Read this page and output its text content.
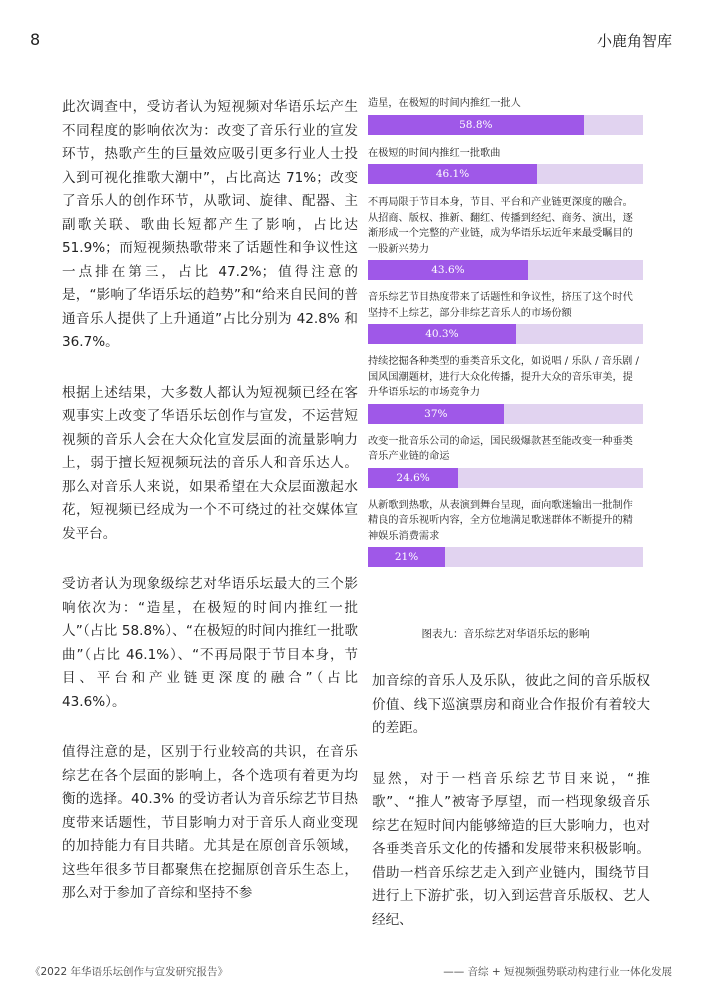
8	小鹿角智库

此次调查中，受访者认为短视频对华语乐坛产生不同程度的影响依次为：改变了音乐行业的宣发环节，热歌产生的巨量效应吸引更多行业人士投入到可视化推歌大潮中”，占比高达 71%；改变了音乐人的创作环节，从歌词、旋律、配器、主副歌关联、歌曲长短都产生了影响，占比达 51.9%；而短视频热歌带来了话题性和争议性这一点排在第三，占比 47.2%；值得注意的是，“影响了华语乐坛的趋势”和“给来自民间的普通音乐人提供了上升通道”占比分别为 42.8% 和 36.7%。

根据上述结果，大多数人都认为短视频已经在客观事实上改变了华语乐坛创作与宣发，不运营短视频的音乐人会在大众化宣发层面的流量影响力上，弱于擅长短视频玩法的音乐人和音乐达人。那么对音乐人来说，如果希望在大众层面激起水花，短视频已经成为一个不可绕过的社交媒体宣发平台。

受访者认为现象级综艺对华语乐坛最大的三个影响依次为：“造星，在极短的时间内推红一批人”（占比 58.8%）、“在极短的时间内推红一批歌曲”（占比 46.1%）、“不再局限于节目本身，节目、平台和产业链更深度的融合”（占比 43.6%）。

值得注意的是，区别于行业较高的共识，在音乐综艺在各个层面的影响上，各个选项有着更为均衡的选择。40.3% 的受访者认为音乐综艺节目热度带来话题性，节目影响力对于音乐人商业变现的加持能力有目共睹。尤其是在原创音乐领域，这些年很多节目都聚焦在挖掘原创音乐生态上，那么对于参加了音综和坚持不参

造星，在极短的时间内推红一批人
58.8%
在极短的时间内推红一批歌曲
46.1%
不再局限于节目本身，节目、平台和产业链更深度的融合。从招商、版权、推新、翻红、传播到经纪、商务、演出，逐渐形成一个完整的产业链，成为华语乐坛近年来最受瞩目的一股新兴势力
43.6%
音乐综艺节目热度带来了话题性和争议性，挤压了这个时代坚持不上综艺，部分非综艺音乐人的市场份额
40.3%
持续挖掘各种类型的垂类音乐文化，如说唱 / 乐队 / 音乐剧 / 国风国潮题材，进行大众化传播，提升大众的音乐审美，提升华语乐坛的市场竞争力
37%
改变一批音乐公司的命运，国民级爆款甚至能改变一种垂类音乐产业链的命运
24.6%
从新歌到热歌，从表演到舞台呈现，面向歌迷输出一批制作精良的音乐视听内容，全方位地满足歌迷群体不断提升的精神娱乐消费需求
21%
图表九：音乐综艺对华语乐坛的影响

加音综的音乐人及乐队，彼此之间的音乐版权价值、线下巡演票房和商业合作报价有着较大的差距。

显然，对于一档音乐综艺节目来说，“推歌”、“推人”被寄予厚望，而一档现象级音乐综艺在短时间内能够缔造的巨大影响力，也对各垂类音乐文化的传播和发展带来积极影响。借助一档音乐综艺走入到产业链内，围绕节目进行上下游扩张，切入到运营音乐版权、艺人经纪、

《2022 年华语乐坛创作与宣发研究报告》	—— 音综 + 短视频强势联动构建行业一体化发展
